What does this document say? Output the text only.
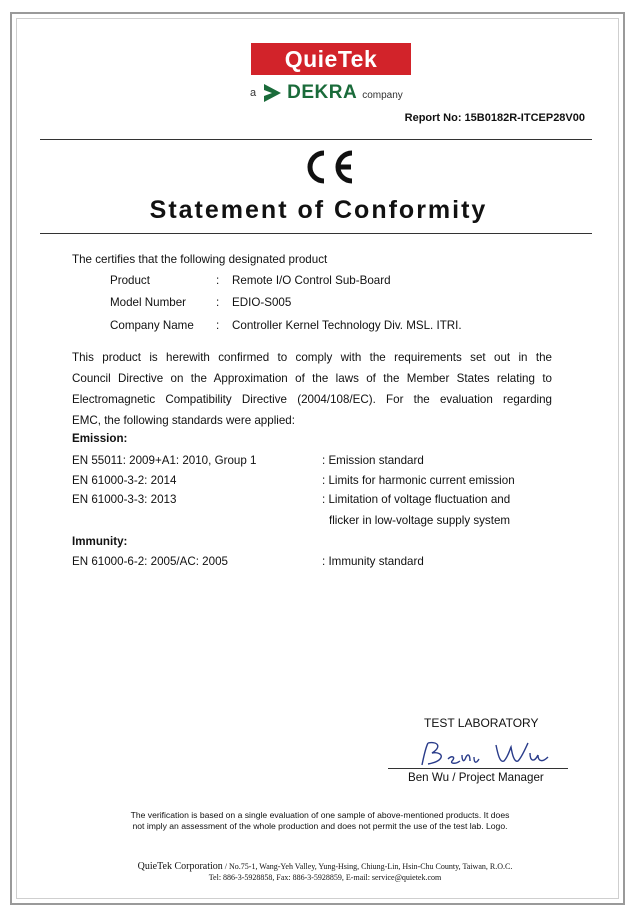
QuieTek
a DEKRA company
Report No: 15B0182R-ITCEP28V00
Statement of Conformity
The certifies that the following designated product
Product	: Remote I/O Control Sub-Board
Model Number	: EDIO-S005
Company Name : Controller Kernel Technology Div. MSL. ITRI.
This product is herewith confirmed to comply with the requirements set out in the
Council Directive on the Approximation of the laws of the Member States relating to
Electromagnetic Compatibility Directive (2004/108/EC). For the evaluation regarding
EMC, the following standards were applied:
Emission:
EN 55011: 2009+A1: 2010, Group 1	: Emission standard
EN 61000-3-2: 2014	: Limits for harmonic current emission
EN 61000-3-3: 2013	: Limitation of voltage fluctuation and
flicker in low-voltage supply system
Immunity:
EN 61000-6-2: 2005/AC: 2005	: Immunity standard
TEST LABORATORY
Ben Wu / Project Manager
The verification is based on a single evaluation of one sample of above-mentioned products. It does
not imply an assessment of the whole production and does not permit the use of the test lab. Logo.
QuieTek Corporation / No.75-1, Wang-Yeh Valley, Yung-Hsing, Chiung-Lin, Hsin-Chu County, Taiwan, R.O.C.
Tel: 886-3-5928858, Fax: 886-3-5928859, E-mail: service@quietek.com
